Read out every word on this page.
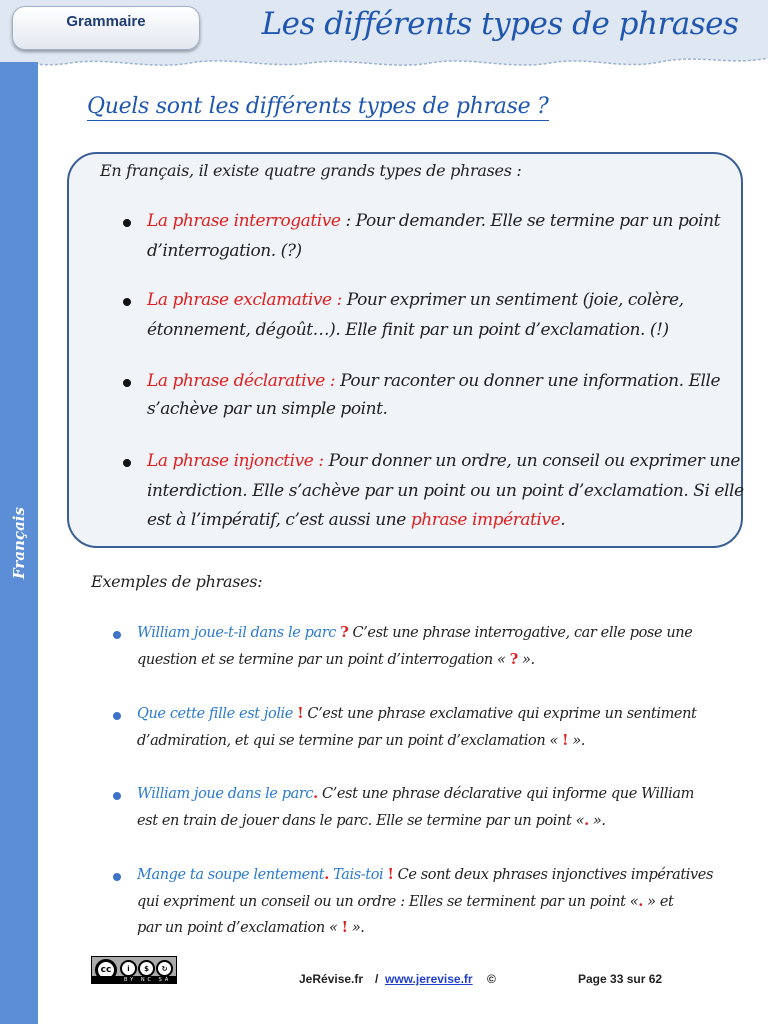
Grammaire	Les différents types de phrases
Français
Quels sont les différents types de phrase ?
En français, il existe quatre grands types de phrases :
La phrase interrogative : Pour demander. Elle se termine par un point
d’interrogation. (?)
La phrase exclamative : Pour exprimer un sentiment (joie, colère,
étonnement, dégoût…). Elle finit par un point d’exclamation. (!)
La phrase déclarative : Pour raconter ou donner une information. Elle
s’achève par un simple point.
La phrase injonctive : Pour donner un ordre, un conseil ou exprimer une
interdiction. Elle s’achève par un point ou un point d’exclamation. Si elle
est à l’impératif, c’est aussi une phrase impérative.
Exemples de phrases:
William joue-t-il dans le parc ? C’est une phrase interrogative, car elle pose une
question et se termine par un point d’interrogation « ? ».
Que cette fille est jolie ! C’est une phrase exclamative qui exprime un sentiment
d’admiration, et qui se termine par un point d’exclamation « ! ».
William joue dans le parc. C’est une phrase déclarative qui informe que William
est en train de jouer dans le parc. Elle se termine par un point «. ».
Mange ta soupe lentement. Tais-toi ! Ce sont deux phrases injonctives impératives
qui expriment un conseil ou un ordre : Elles se terminent par un point «. » et
par un point d’exclamation « ! ».
cc	i	$	↻
BY NC SA	JeRévise.fr / www.jerevise.fr ©	Page 33 sur 62
